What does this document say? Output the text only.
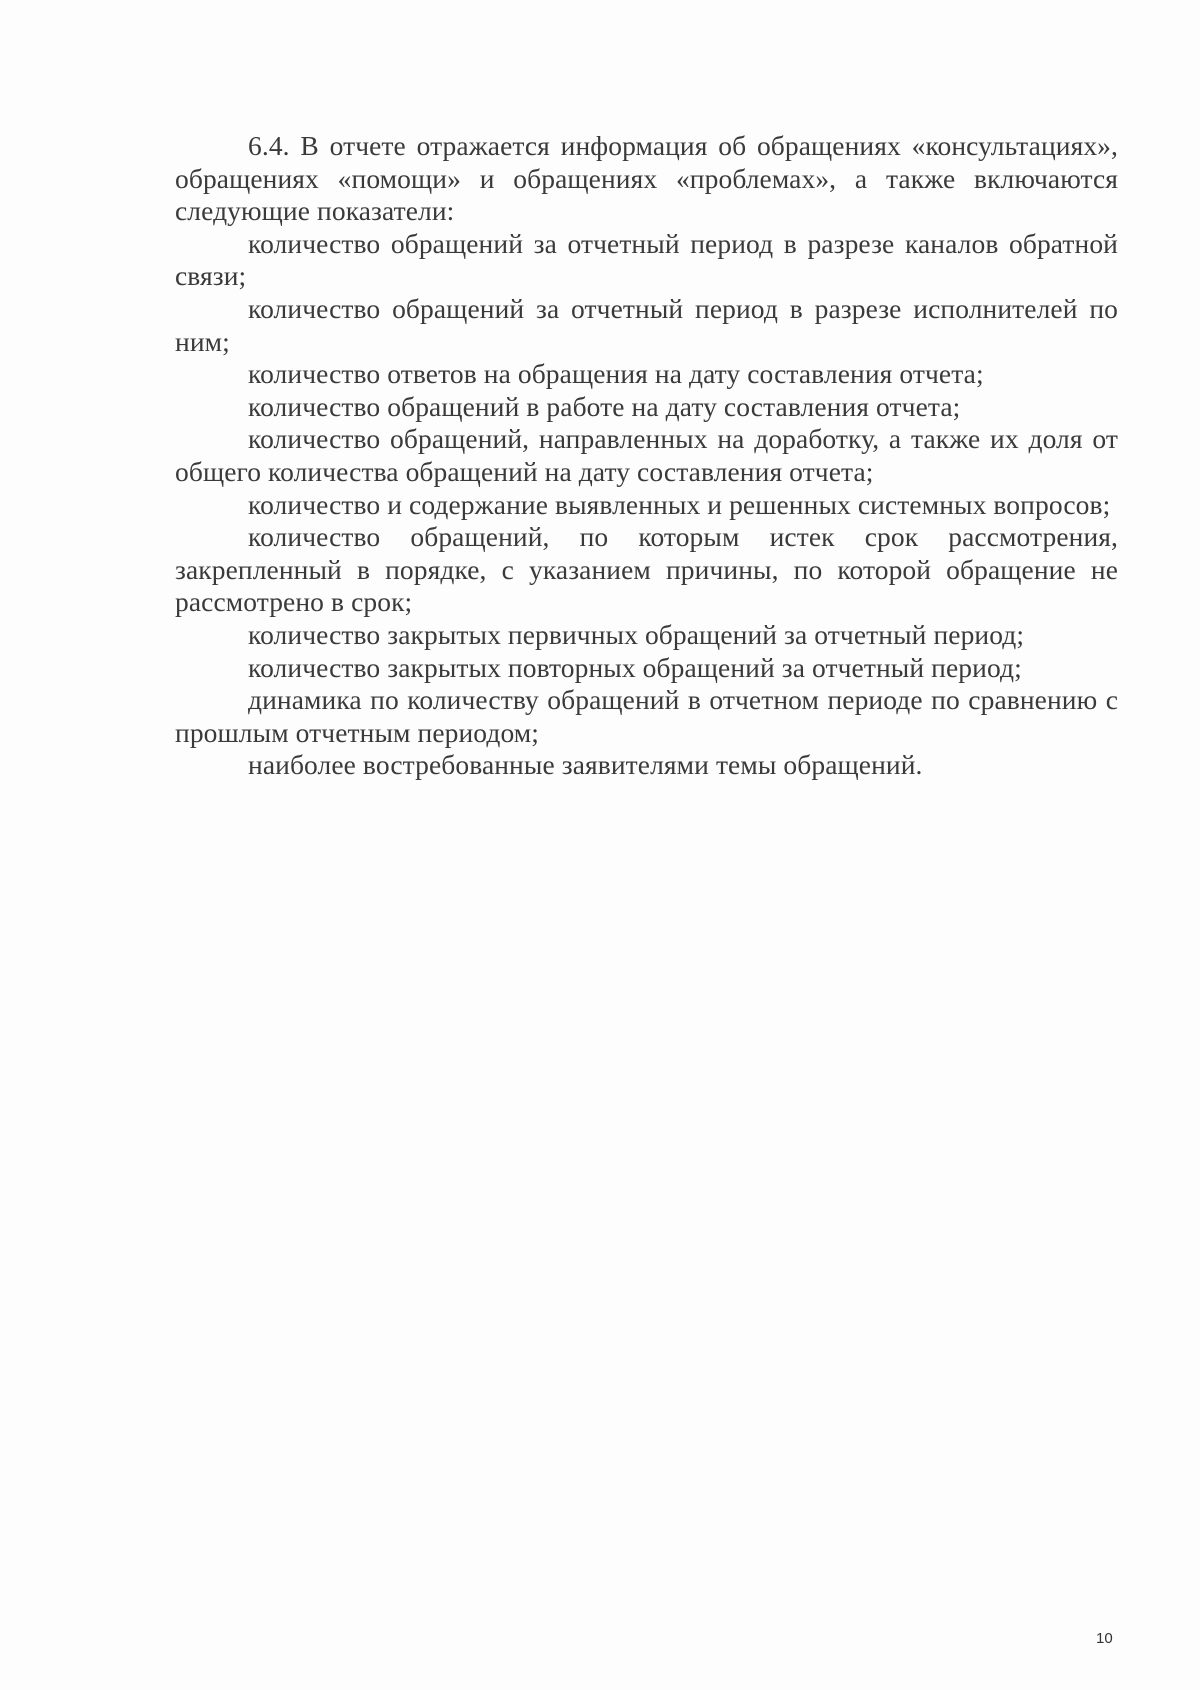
6.4. В отчете отражается информация об обращениях «консультациях», обращениях «помощи» и обращениях «проблемах», а также включаются следующие показатели:

количество обращений за отчетный период в разрезе каналов обратной связи;

количество обращений за отчетный период в разрезе исполнителей по ним;

количество ответов на обращения на дату составления отчета;

количество обращений в работе на дату составления отчета;

количество обращений, направленных на доработку, а также их доля от общего количества обращений на дату составления отчета;

количество и содержание выявленных и решенных системных вопросов;

количество обращений, по которым истек срок рассмотрения, закрепленный в порядке, с указанием причины, по которой обращение не рассмотрено в срок;

количество закрытых первичных обращений за отчетный период;

количество закрытых повторных обращений за отчетный период;

динамика по количеству обращений в отчетном периоде по сравнению с прошлым отчетным периодом;

наиболее востребованные заявителями темы обращений.

10
